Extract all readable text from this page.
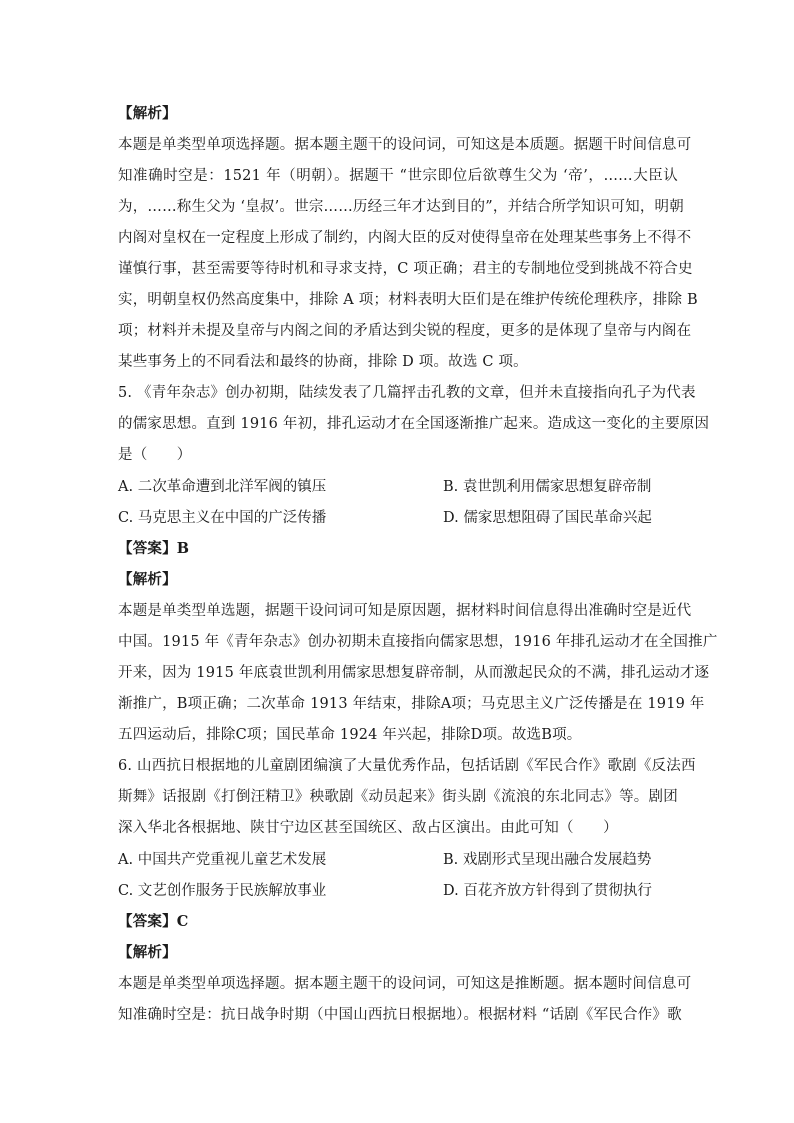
【解析】
本题是单类型单项选择题。据本题主题干的设问词，可知这是本质题。据题干时间信息可
知准确时空是：1521 年（明朝）。据题干 “世宗即位后欲尊生父为 ‘帝’，……大臣认
为，……称生父为 ‘皇叔’。世宗……历经三年才达到目的”，并结合所学知识可知，明朝
内阁对皇权在一定程度上形成了制约，内阁大臣的反对使得皇帝在处理某些事务上不得不
谨慎行事，甚至需要等待时机和寻求支持，C 项正确；君主的专制地位受到挑战不符合史
实，明朝皇权仍然高度集中，排除 A 项；材料表明大臣们是在维护传统伦理秩序，排除 B
项；材料并未提及皇帝与内阁之间的矛盾达到尖锐的程度，更多的是体现了皇帝与内阁在
某些事务上的不同看法和最终的协商，排除 D 项。故选 C 项。
5. 《青年杂志》创办初期，陆续发表了几篇抨击孔教的文章，但并未直接指向孔子为代表
的儒家思想。直到 1916 年初，排孔运动才在全国逐渐推广起来。造成这一变化的主要原因
是（　　）
A. 二次革命遭到北洋军阀的镇压	B. 袁世凯利用儒家思想复辟帝制
C. 马克思主义在中国的广泛传播	D. 儒家思想阻碍了国民革命兴起
【答案】B
【解析】
本题是单类型单选题，据题干设问词可知是原因题，据材料时间信息得出准确时空是近代
中国。1915 年《青年杂志》创办初期未直接指向儒家思想，1916 年排孔运动才在全国推广
开来，因为 1915 年底袁世凯利用儒家思想复辟帝制，从而激起民众的不满，排孔运动才逐
渐推广，B项正确；二次革命 1913 年结束，排除A项；马克思主义广泛传播是在 1919 年
五四运动后，排除C项；国民革命 1924 年兴起，排除D项。故选B项。
6. 山西抗日根据地的儿童剧团编演了大量优秀作品，包括话剧《军民合作》歌剧《反法西
斯舞》话报剧《打倒汪精卫》秧歌剧《动员起来》街头剧《流浪的东北同志》等。剧团
深入华北各根据地、陕甘宁边区甚至国统区、敌占区演出。由此可知（　　）
A. 中国共产党重视儿童艺术发展	B. 戏剧形式呈现出融合发展趋势
C. 文艺创作服务于民族解放事业	D. 百花齐放方针得到了贯彻执行
【答案】C
【解析】
本题是单类型单项选择题。据本题主题干的设问词，可知这是推断题。据本题时间信息可
知准确时空是：抗日战争时期（中国山西抗日根据地）。根据材料 “话剧《军民合作》歌
